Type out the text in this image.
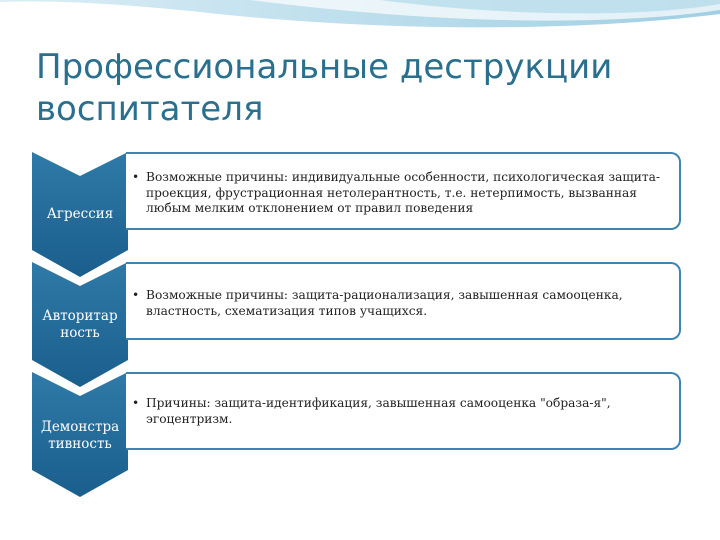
Профессиональные деструкции
воспитателя
Агрессия
• Возможные причины: индивидуальные особенности, психологическая защита-проекция, фрустрационная нетолерантность, т.е. нетерпимость, вызванная любым мелким отклонением от правил поведения
Авторитар
ность
• Возможные причины: защита-рационализация, завышенная самооценка, властность, схематизация типов учащихся.
Демонстра
тивность
• Причины: защита-идентификация, завышенная самооценка "образа-я", эгоцентризм.
